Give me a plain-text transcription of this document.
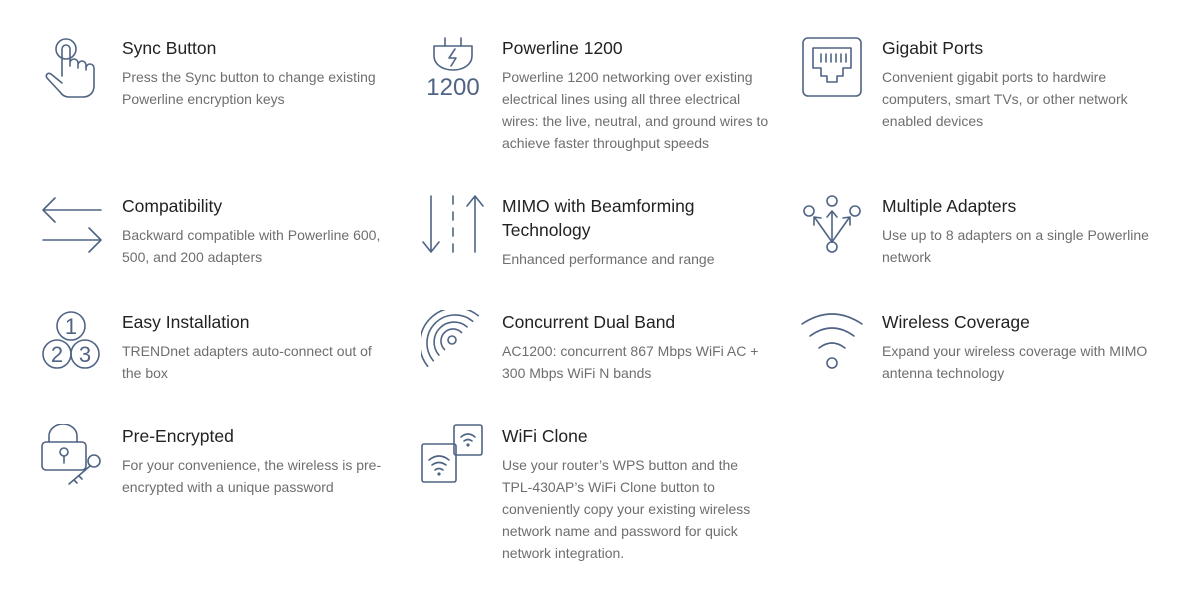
Sync Button

Press the Sync button to change existing Powerline encryption keys	1200
Powerline 1200

Powerline 1200 networking over existing electrical lines using all three electrical wires: the live, neutral, and ground wires to achieve faster throughput speeds

Gigabit Ports

Convenient gigabit ports to hardwire computers, smart TVs, or other network enabled devices

Compatibility

Backward compatible with Powerline 600, 500, and 200 adapters

MIMO with Beamforming Technology

Enhanced performance and range

Multiple Adapters

Use up to 8 adapters on a single Powerline network

1
2 3
Easy Installation

TRENDnet adapters auto-connect out of the box

Concurrent Dual Band

AC1200: concurrent 867 Mbps WiFi AC + 300 Mbps WiFi N bands

Wireless Coverage

Expand your wireless coverage with MIMO antenna technology

Pre-Encrypted

For your convenience, the wireless is pre-encrypted with a unique password

WiFi Clone

Use your router’s WPS button and the TPL-430AP’s WiFi Clone button to conveniently copy your existing wireless network name and password for quick network integration.
